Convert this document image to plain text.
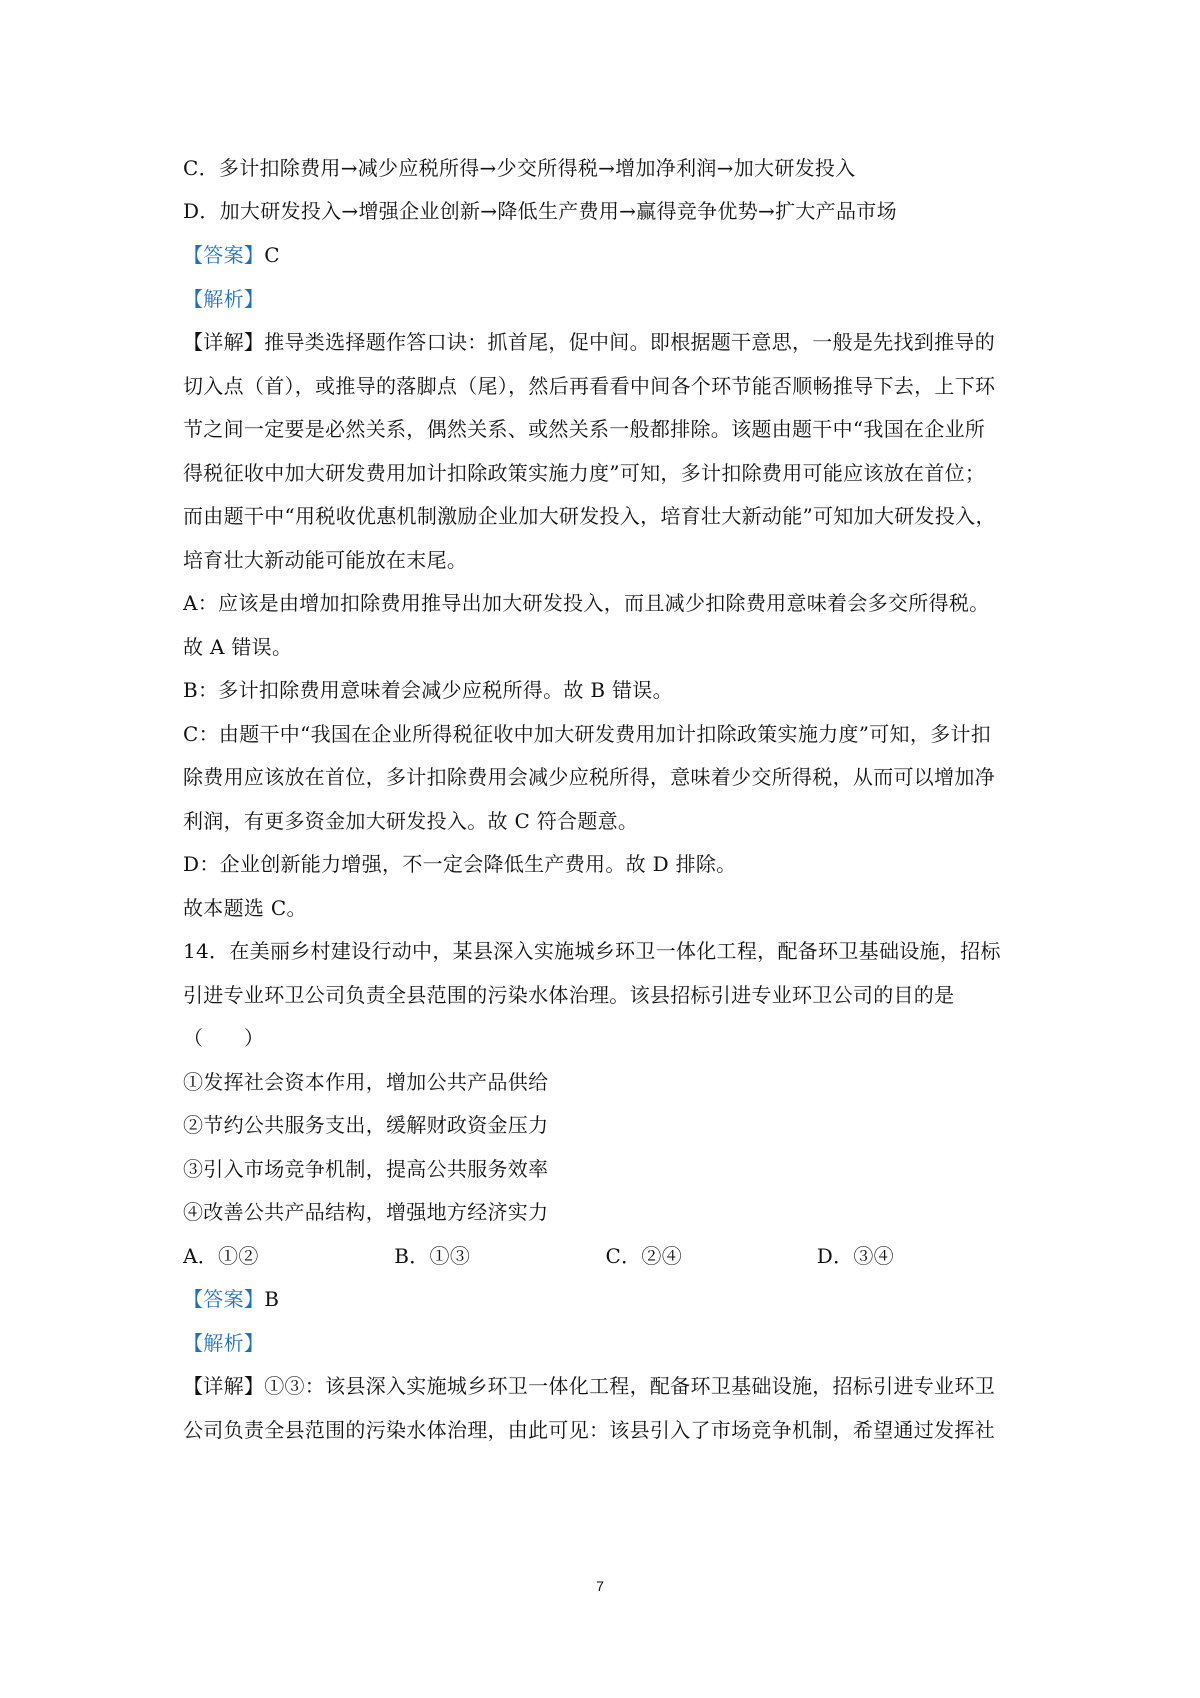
C．多计扣除费用→减少应税所得→少交所得税→增加净利润→加大研发投入
D．加大研发投入→增强企业创新→降低生产费用→赢得竞争优势→扩大产品市场
【答案】C
【解析】
【详解】推导类选择题作答口诀：抓首尾，促中间。即根据题干意思，一般是先找到推导的
切入点（首），或推导的落脚点（尾），然后再看看中间各个环节能否顺畅推导下去，上下环
节之间一定要是必然关系，偶然关系、或然关系一般都排除。该题由题干中“我国在企业所
得税征收中加大研发费用加计扣除政策实施力度”可知，多计扣除费用可能应该放在首位；
而由题干中“用税收优惠机制激励企业加大研发投入，培育壮大新动能”可知加大研发投入，
培育壮大新动能可能放在末尾。
A：应该是由增加扣除费用推导出加大研发投入，而且减少扣除费用意味着会多交所得税。
故 A 错误。
B：多计扣除费用意味着会减少应税所得。故 B 错误。
C：由题干中“我国在企业所得税征收中加大研发费用加计扣除政策实施力度”可知，多计扣
除费用应该放在首位，多计扣除费用会减少应税所得，意味着少交所得税，从而可以增加净
利润，有更多资金加大研发投入。故 C 符合题意。
D：企业创新能力增强，不一定会降低生产费用。故 D 排除。
故本题选 C。
14．在美丽乡村建设行动中，某县深入实施城乡环卫一体化工程，配备环卫基础设施，招标
引进专业环卫公司负责全县范围的污染水体治理。该县招标引进专业环卫公司的目的是
（　　）
①发挥社会资本作用，增加公共产品供给
②节约公共服务支出，缓解财政资金压力
③引入市场竞争机制，提高公共服务效率
④改善公共产品结构，增强地方经济实力
A．①②	B．①③	C．②④	D．③④
【答案】B
【解析】
【详解】①③：该县深入实施城乡环卫一体化工程，配备环卫基础设施，招标引进专业环卫
公司负责全县范围的污染水体治理，由此可见：该县引入了市场竞争机制，希望通过发挥社
7
